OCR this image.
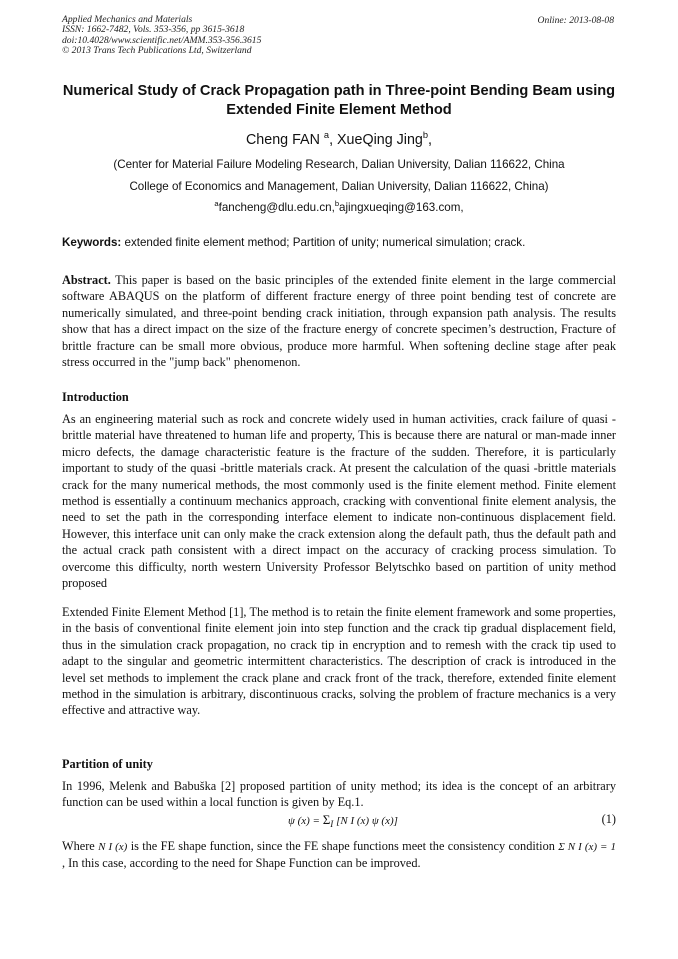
Applied Mechanics and Materials
ISSN: 1662-7482, Vols. 353-356, pp 3615-3618
doi:10.4028/www.scientific.net/AMM.353-356.3615
© 2013 Trans Tech Publications Ltd, Switzerland
Online: 2013-08-08
Numerical Study of Crack Propagation path in Three-point Bending Beam using Extended Finite Element Method
Cheng FAN $^a$, XueQing Jing$^b$,
(Center for Material Failure Modeling Research, Dalian University, Dalian 116622, China
College of Economics and Management, Dalian University, Dalian 116622, China)
$^a$fancheng@dlu.edu.cn,$^b$ajingxueqing@163.com,
Keywords: extended finite element method; Partition of unity; numerical simulation; crack.
Abstract. This paper is based on the basic principles of the extended finite element in the large commercial software ABAQUS on the platform of different fracture energy of three point bending test of concrete are numerically simulated, and three-point bending crack initiation, through expansion path analysis. The results show that has a direct impact on the size of the fracture energy of concrete specimen’s destruction, Fracture of brittle fracture can be small more obvious, produce more harmful. When softening decline stage after peak stress occurred in the "jump back" phenomenon.
Introduction
As an engineering material such as rock and concrete widely used in human activities, crack failure of quasi -brittle material have threatened to human life and property, This is because there are natural or man-made inner micro defects, the damage characteristic feature is the fracture of the sudden. Therefore, it is particularly important to study of the quasi -brittle materials crack. At present the calculation of the quasi -brittle materials crack for the many numerical methods, the most commonly used is the finite element method. Finite element method is essentially a continuum mechanics approach, cracking with conventional finite element analysis, the need to set the path in the corresponding interface element to indicate non-continuous displacement field. However, this interface unit can only make the crack extension along the default path, thus the default path and the actual crack path consistent with a direct impact on the accuracy of cracking process simulation. To overcome this difficulty, north western University Professor Belytschko based on partition of unity method proposed
Extended Finite Element Method [1], The method is to retain the finite element framework and some properties, in the basis of conventional finite element join into step function and the crack tip gradual displacement field, thus in the simulation crack propagation, no crack tip in encryption and to remesh with the crack tip used to adapt to the singular and geometric intermittent characteristics. The description of crack is introduced in the level set methods to implement the crack plane and crack front of the track, therefore, extended finite element method in the simulation is arbitrary, discontinuous cracks, solving the problem of fracture mechanics is a very effective and attractive way.
Partition of unity
In 1996, Melenk and Babuška [2] proposed partition of unity method; its idea is the concept of an arbitrary function can be used within a local function is given by Eq.1.
ψ $(x) = \Sigma_I$ [N I (x) ψ (x)]	(1)
Where N I (x) is the FE shape function, since the FE shape functions meet the consistency condition Σ N I (x) = 1 , In this case, according to the need for Shape Function can be improved.
